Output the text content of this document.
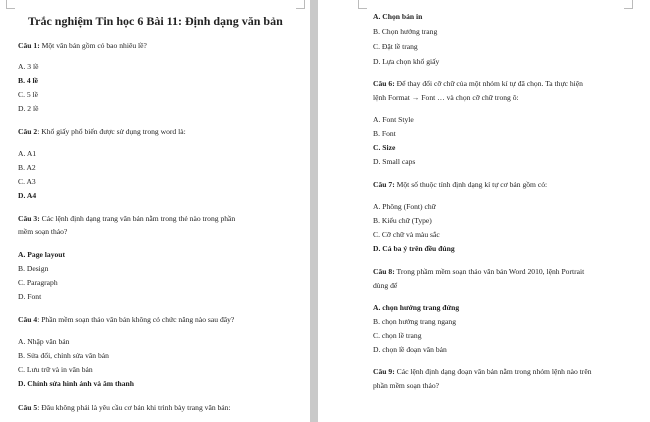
Trắc nghiệm Tin học 6 Bài 11: Định dạng văn bản
Câu 1: Một văn bản gồm có bao nhiêu lề?
A. 3 lề
B. 4 lề
C. 5 lề
D. 2 lề
Câu 2: Khổ giấy phổ biến được sử dụng trong word là:
A. A1
B. A2
C. A3
D. A4
Câu 3: Các lệnh định dạng trang văn bản nằm trong thẻ nào trong phần
mềm soạn thảo?
A. Page layout
B. Design
C. Paragraph
D. Font
Câu 4: Phần mềm soạn thảo văn bản không có chức năng nào sau đây?
A. Nhập văn bản
B. Sửa đổi, chỉnh sửa văn bản
C. Lưu trữ và in văn bản
D. Chỉnh sửa hình ảnh và âm thanh
Câu 5: Đâu không phải là yêu cầu cơ bản khi trình bày trang văn bản:
A. Chọn bản in
B. Chọn hướng trang
C. Đặt lề trang
D. Lựa chọn khổ giấy
Câu 6: Để thay đổi cỡ chữ của một nhóm kí tự đã chọn. Ta thực hiện
lệnh Format → Font … và chọn cỡ chữ trong ô:
A. Font Style
B. Font
C. Size
D. Small caps
Câu 7: Một số thuộc tính định dạng kí tự cơ bản gồm có:
A. Phông (Font) chữ
B. Kiểu chữ (Type)
C. Cỡ chữ và màu sắc
D. Cả ba ý trên đều đúng
Câu 8: Trong phầm mềm soạn thảo văn bản Word 2010, lệnh Portrait
dùng để
A. chọn hướng trang đứng
B. chọn hướng trang ngang
C. chọn lề trang
D. chọn lề đoạn văn bản
Câu 9: Các lệnh định dạng đoạn văn bản nằm trong nhóm lệnh nào trên
phần mềm soạn thảo?
